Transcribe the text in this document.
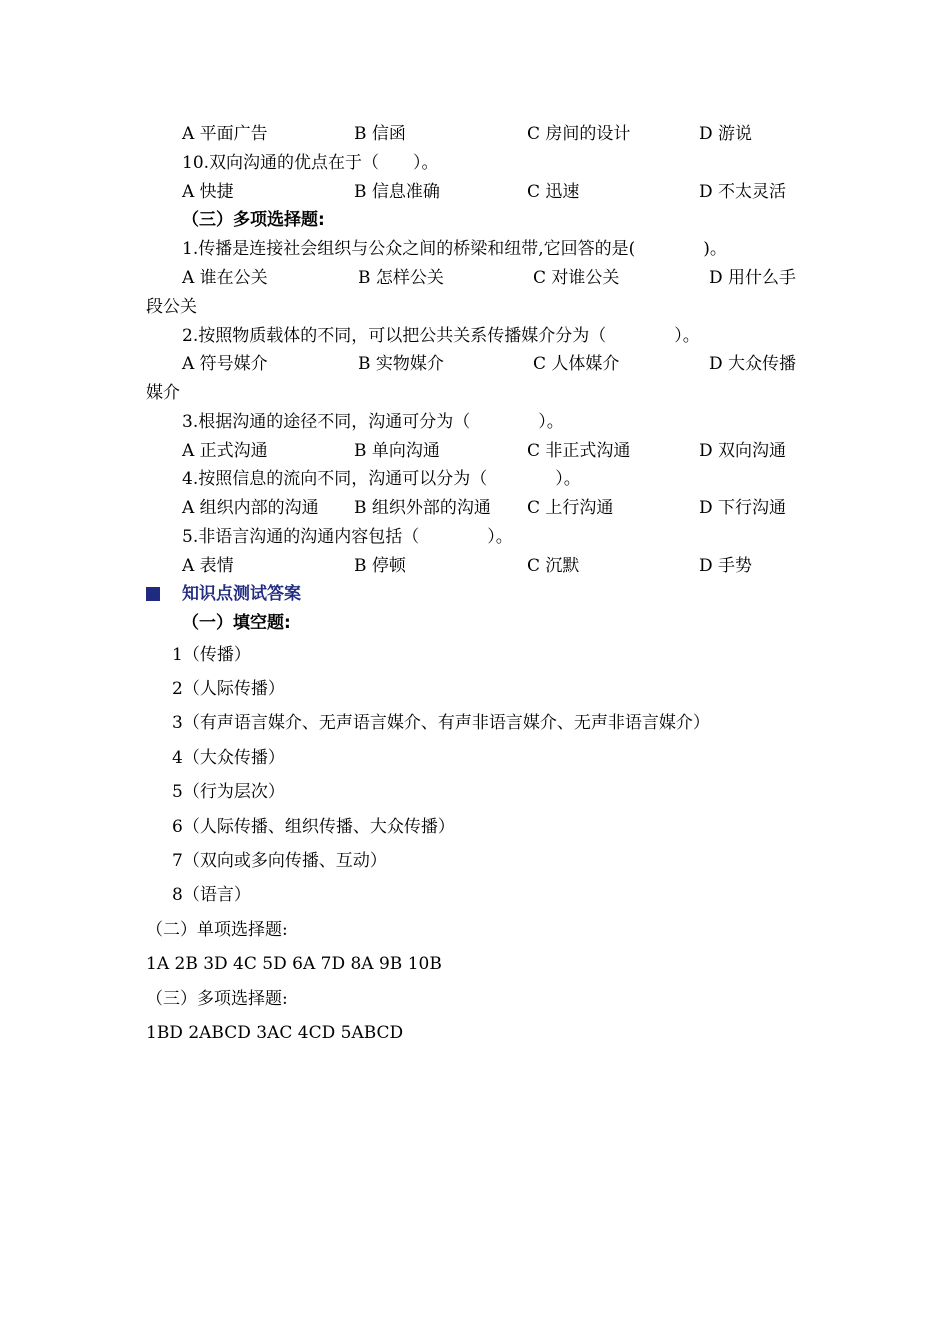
A 平面广告	B 信函	C 房间的设计	D 游说
10.双向沟通的优点在于（　　）。
A 快捷	B 信息准确	C 迅速	D 不太灵活
（三）多项选择题:
1.传播是连接社会组织与公众之间的桥梁和纽带,它回答的是(　　　　)。
A 谁在公关	B 怎样公关	C 对谁公关	D 用什么手
段公关
2.按照物质载体的不同，可以把公共关系传播媒介分为（　　　　）。
A 符号媒介	B 实物媒介	C 人体媒介	D 大众传播
媒介
3.根据沟通的途径不同，沟通可分为（　　　　）。
A 正式沟通	B 单向沟通	C 非正式沟通	D 双向沟通
4.按照信息的流向不同，沟通可以分为（　　　　）。
A 组织内部的沟通 B 组织外部的沟通 C 上行沟通	D 下行沟通
5.非语言沟通的沟通内容包括（　　　　）。
A 表情	B 停顿	C 沉默	D 手势
知识点测试答案
（一）填空题:
1（传播）
2（人际传播）
3（有声语言媒介、无声语言媒介、有声非语言媒介、无声非语言媒介）
4（大众传播）
5（行为层次）
6（人际传播、组织传播、大众传播）
7（双向或多向传播、互动）
8（语言）
（二）单项选择题:
1A 2B 3D 4C 5D 6A 7D 8A 9B 10B
（三）多项选择题:
1BD 2ABCD 3AC 4CD 5ABCD
